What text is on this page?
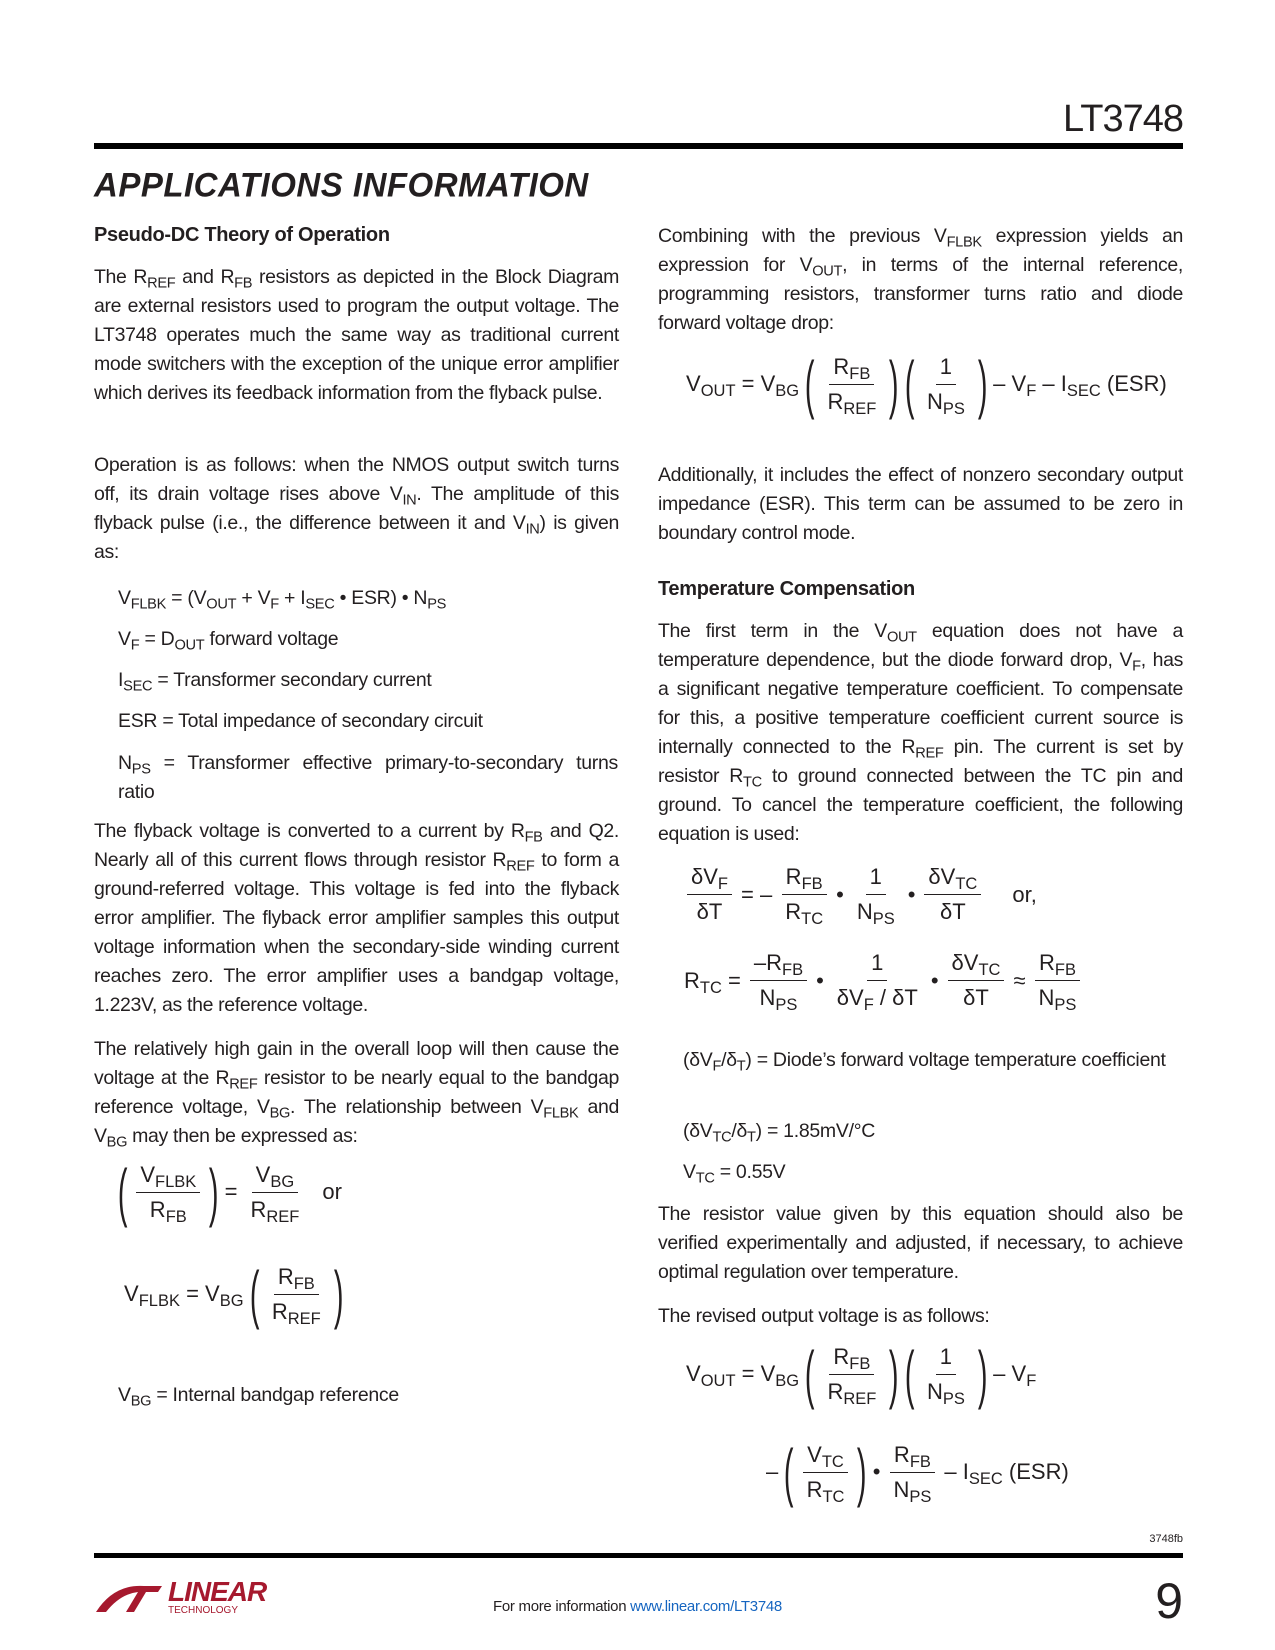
LT3748
APPLICATIONS INFORMATION
Pseudo-DC Theory of Operation
The $R_{REF}$ and $R_{FB}$ resistors as depicted in the Block Diagram are external resistors used to program the output voltage. The LT3748 operates much the same way as traditional current mode switchers with the exception of the unique error amplifier which derives its feedback information from the flyback pulse.
Operation is as follows: when the NMOS output switch turns off, its drain voltage rises above $V_{IN}$. The amplitude of this flyback pulse (i.e., the difference between it and $V_{IN}$) is given as:
$V_{FLBK} = (V_{OUT} + V_F + I_{SEC}$ • ESR) • $N_{PS}$
$V_F = D_{OUT}$ forward voltage
$I_{SEC}$ = Transformer secondary current
ESR = Total impedance of secondary circuit
$N_{PS}$ = Transformer effective primary-to-secondary turns ratio
The flyback voltage is converted to a current by $R_{FB}$ and Q2. Nearly all of this current flows through resistor $R_{REF}$ to form a ground-referred voltage. This voltage is fed into the flyback error amplifier. The flyback error amplifier samples this output voltage information when the secondary-side winding current reaches zero. The error amplifier uses a bandgap voltage, 1.223V, as the reference voltage.
The relatively high gain in the overall loop will then cause the voltage at the $R_{REF}$ resistor to be nearly equal to the bandgap reference voltage, $V_{BG}$. The relationship between $V_{FLBK}$ and $V_{BG}$ may then be expressed as:
( $\frac{V_{FLBK}}{R_{FB}}$ ) = $\frac{V_{BG}}{R_{REF}}$ or
$V_{FLBK} = V_{BG}$ ( $\frac{R_{FB}}{R_{REF}}$ )
$V_{BG}$ = Internal bandgap reference
Combining with the previous $V_{FLBK}$ expression yields an expression for $V_{OUT}$, in terms of the internal reference, programming resistors, transformer turns ratio and diode forward voltage drop:
$V_{OUT} = V_{BG}$ ( $\frac{R_{FB}}{R_{REF}}$ ) ( $\frac{1}{N_{PS}}$ ) – $V_F - I_{SEC}$ (ESR)
Additionally, it includes the effect of nonzero secondary output impedance (ESR). This term can be assumed to be zero in boundary control mode.
Temperature Compensation
The first term in the $V_{OUT}$ equation does not have a temperature dependence, but the diode forward drop, $V_F$, has a significant negative temperature coefficient. To compensate for this, a positive temperature coefficient current source is internally connected to the $R_{REF}$ pin. The current is set by resistor $R_{TC}$ to ground connected between the TC pin and ground. To cancel the temperature coefficient, the following equation is used:
$\frac{\delta V_F}{\delta T}$ = – $\frac{R_{FB}}{R_{TC}}$ • $\frac{1}{N_{PS}}$ • $\frac{\delta V_{TC}}{\delta T}$ or,
$R_{TC} = \frac{-R_{FB}}{N_{PS}}$ • $\frac{1}{\delta V_F / \delta T}$ • $\frac{\delta V_{TC}}{\delta T} \approx \frac{R_{FB}}{N_{PS}}$
$(\delta V_F/\delta_T)$ = Diode’s forward voltage temperature coefficient
$(\delta V_{TC}/\delta_T) = 1.85mV/^\circ C$
$V_{TC} = 0.55V$
The resistor value given by this equation should also be verified experimentally and adjusted, if necessary, to achieve optimal regulation over temperature.
The revised output voltage is as follows:
$V_{OUT} = V_{BG}$ ( $\frac{R_{FB}}{R_{REF}}$ ) ( $\frac{1}{N_{PS}}$ ) – $V_F$
– ( $\frac{V_{TC}}{R_{TC}}$ ) • $\frac{R_{FB}}{N_{PS}} - I_{SEC}$ (ESR)
3748fb
LINEAR
TECHNOLOGY	For more information www.linear.com/LT3748	9
